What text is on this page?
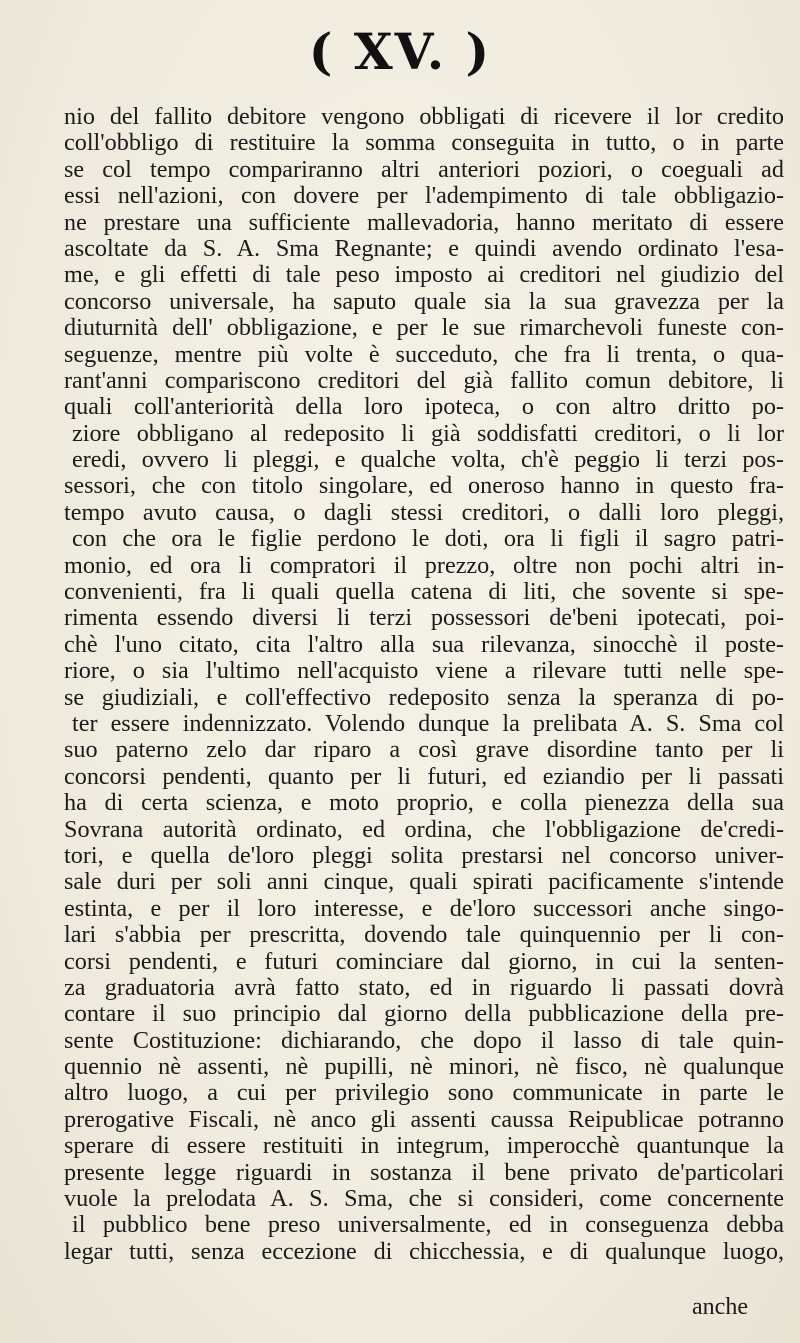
( XV. )
nio del fallito debitore vengono obbligati di ricevere il lor credito
coll'obbligo di restituire la somma conseguita in tutto, o in parte
se col tempo compariranno altri anteriori poziori, o coeguali ad
essi nell'azioni, con dovere per l'adempimento di tale obbligazio-
ne prestare una sufficiente mallevadoria, hanno meritato di essere
ascoltate da S. A. Sma Regnante; e quindi avendo ordinato l'esa-
me, e gli effetti di tale peso imposto ai creditori nel giudizio del
concorso universale, ha saputo quale sia la sua gravezza per la
diuturnità dell' obbligazione, e per le sue rimarchevoli funeste con-
seguenze, mentre più volte è succeduto, che fra li trenta, o qua-
rant'anni compariscono creditori del già fallito comun debitore, li
quali coll'anteriorità della loro ipoteca, o con altro dritto po-
ziore obbligano al redeposito li già soddisfatti creditori, o li lor
eredi, ovvero li pleggi, e qualche volta, ch'è peggio li terzi pos-
sessori, che con titolo singolare, ed oneroso hanno in questo fra-
tempo avuto causa, o dagli stessi creditori, o dalli loro pleggi,
con che ora le figlie perdono le doti, ora li figli il sagro patri-
monio, ed ora li compratori il prezzo, oltre non pochi altri in-
convenienti, fra li quali quella catena di liti, che sovente si spe-
rimenta essendo diversi li terzi possessori de'beni ipotecati, poi-
chè l'uno citato, cita l'altro alla sua rilevanza, sinocchè il poste-
riore, o sia l'ultimo nell'acquisto viene a rilevare tutti nelle spe-
se giudiziali, e coll'effectivo redeposito senza la speranza di po-
ter essere indennizzato. Volendo dunque la prelibata A. S. Sma col
suo paterno zelo dar riparo a così grave disordine tanto per li
concorsi pendenti, quanto per li futuri, ed eziandio per li passati
ha di certa scienza, e moto proprio, e colla pienezza della sua
Sovrana autorità ordinato, ed ordina, che l'obbligazione de'credi-
tori, e quella de'loro pleggi solita prestarsi nel concorso univer-
sale duri per soli anni cinque, quali spirati pacificamente s'intende
estinta, e per il loro interesse, e de'loro successori anche singo-
lari s'abbia per prescritta, dovendo tale quinquennio per li con-
corsi pendenti, e futuri cominciare dal giorno, in cui la senten-
za graduatoria avrà fatto stato, ed in riguardo li passati dovrà
contare il suo principio dal giorno della pubblicazione della pre-
sente Costituzione: dichiarando, che dopo il lasso di tale quin-
quennio nè assenti, nè pupilli, nè minori, nè fisco, nè qualunque
altro luogo, a cui per privilegio sono communicate in parte le
prerogative Fiscali, nè anco gli assenti caussa Reipublicae potranno
sperare di essere restituiti in integrum, imperocchè quantunque la
presente legge riguardi in sostanza il bene privato de'particolari
vuole la prelodata A. S. Sma, che si consideri, come concernente
il pubblico bene preso universalmente, ed in conseguenza debba
legar tutti, senza eccezione di chicchessia, e di qualunque luogo,
anche
